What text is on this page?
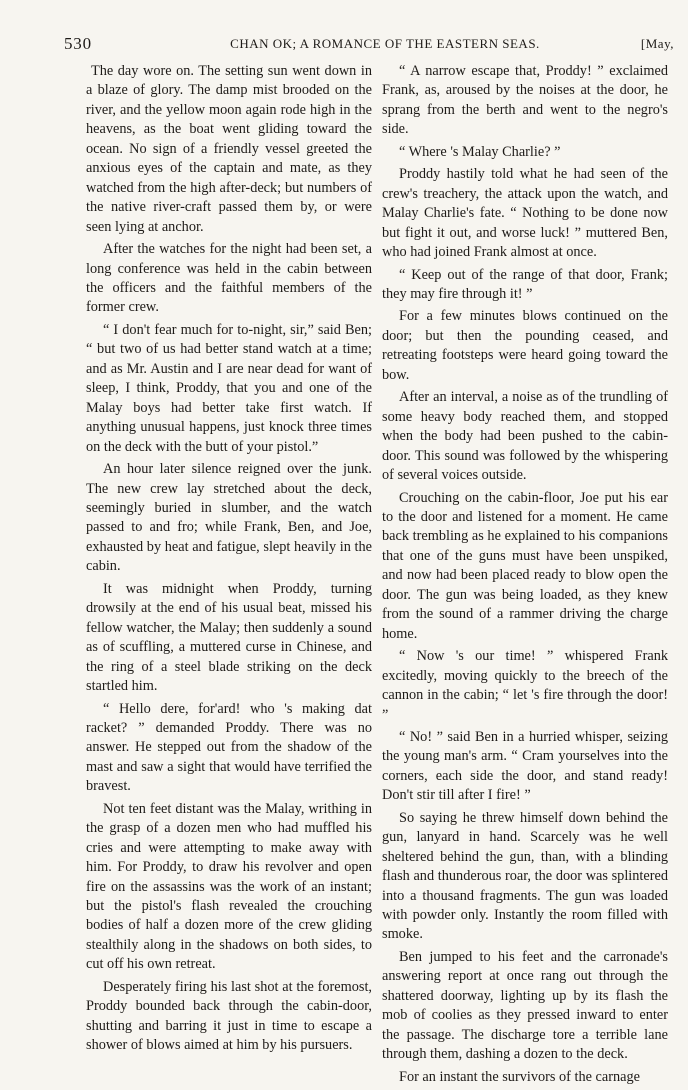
530	CHAN OK; A ROMANCE OF THE EASTERN SEAS.	[May,

The day wore on. The setting sun went down in a blaze of glory. The damp mist brooded on the river, and the yellow moon again rode high in the heavens, as the boat went gliding toward the ocean. No sign of a friendly vessel greeted the anxious eyes of the captain and mate, as they watched from the high after-deck; but numbers of the native river-craft passed them by, or were seen lying at anchor.

After the watches for the night had been set, a long conference was held in the cabin between the officers and the faithful members of the former crew.

“ I don't fear much for to-night, sir,” said Ben; “ but two of us had better stand watch at a time; and as Mr. Austin and I are near dead for want of sleep, I think, Proddy, that you and one of the Malay boys had better take first watch. If anything unusual happens, just knock three times on the deck with the butt of your pistol.”

An hour later silence reigned over the junk. The new crew lay stretched about the deck, seemingly buried in slumber, and the watch passed to and fro; while Frank, Ben, and Joe, exhausted by heat and fatigue, slept heavily in the cabin.

It was midnight when Proddy, turning drowsily at the end of his usual beat, missed his fellow watcher, the Malay; then suddenly a sound as of scuffling, a muttered curse in Chinese, and the ring of a steel blade striking on the deck startled him.

“ Hello dere, for'ard! who 's making dat racket? ” demanded Proddy. There was no answer. He stepped out from the shadow of the mast and saw a sight that would have terrified the bravest.

Not ten feet distant was the Malay, writhing in the grasp of a dozen men who had muffled his cries and were attempting to make away with him. For Proddy, to draw his revolver and open fire on the assassins was the work of an instant; but the pistol's flash revealed the crouching bodies of half a dozen more of the crew gliding stealthily along in the shadows on both sides, to cut off his own retreat.

Desperately firing his last shot at the foremost, Proddy bounded back through the cabin-door, shutting and barring it just in time to escape a shower of blows aimed at him by his pursuers.

“ A narrow escape that, Proddy! ” exclaimed Frank, as, aroused by the noises at the door, he sprang from the berth and went to the negro's side.

“ Where 's Malay Charlie? ”

Proddy hastily told what he had seen of the crew's treachery, the attack upon the watch, and Malay Charlie's fate. “ Nothing to be done now but fight it out, and worse luck! ” muttered Ben, who had joined Frank almost at once.

“ Keep out of the range of that door, Frank; they may fire through it! ”

For a few minutes blows continued on the door; but then the pounding ceased, and retreating footsteps were heard going toward the bow.

After an interval, a noise as of the trundling of some heavy body reached them, and stopped when the body had been pushed to the cabin-door. This sound was followed by the whispering of several voices outside.

Crouching on the cabin-floor, Joe put his ear to the door and listened for a moment. He came back trembling as he explained to his companions that one of the guns must have been unspiked, and now had been placed ready to blow open the door. The gun was being loaded, as they knew from the sound of a rammer driving the charge home.

“ Now 's our time! ” whispered Frank excitedly, moving quickly to the breech of the cannon in the cabin; “ let 's fire through the door! ”

“ No! ” said Ben in a hurried whisper, seizing the young man's arm. “ Cram yourselves into the corners, each side the door, and stand ready! Don't stir till after I fire! ”

So saying he threw himself down behind the gun, lanyard in hand. Scarcely was he well sheltered behind the gun, than, with a blinding flash and thunderous roar, the door was splintered into a thousand fragments. The gun was loaded with powder only. Instantly the room filled with smoke.

Ben jumped to his feet and the carronade's answering report at once rang out through the shattered doorway, lighting up by its flash the mob of coolies as they pressed inward to enter the passage. The discharge tore a terrible lane through them, dashing a dozen to the deck.

For an instant the survivors of the carnage
